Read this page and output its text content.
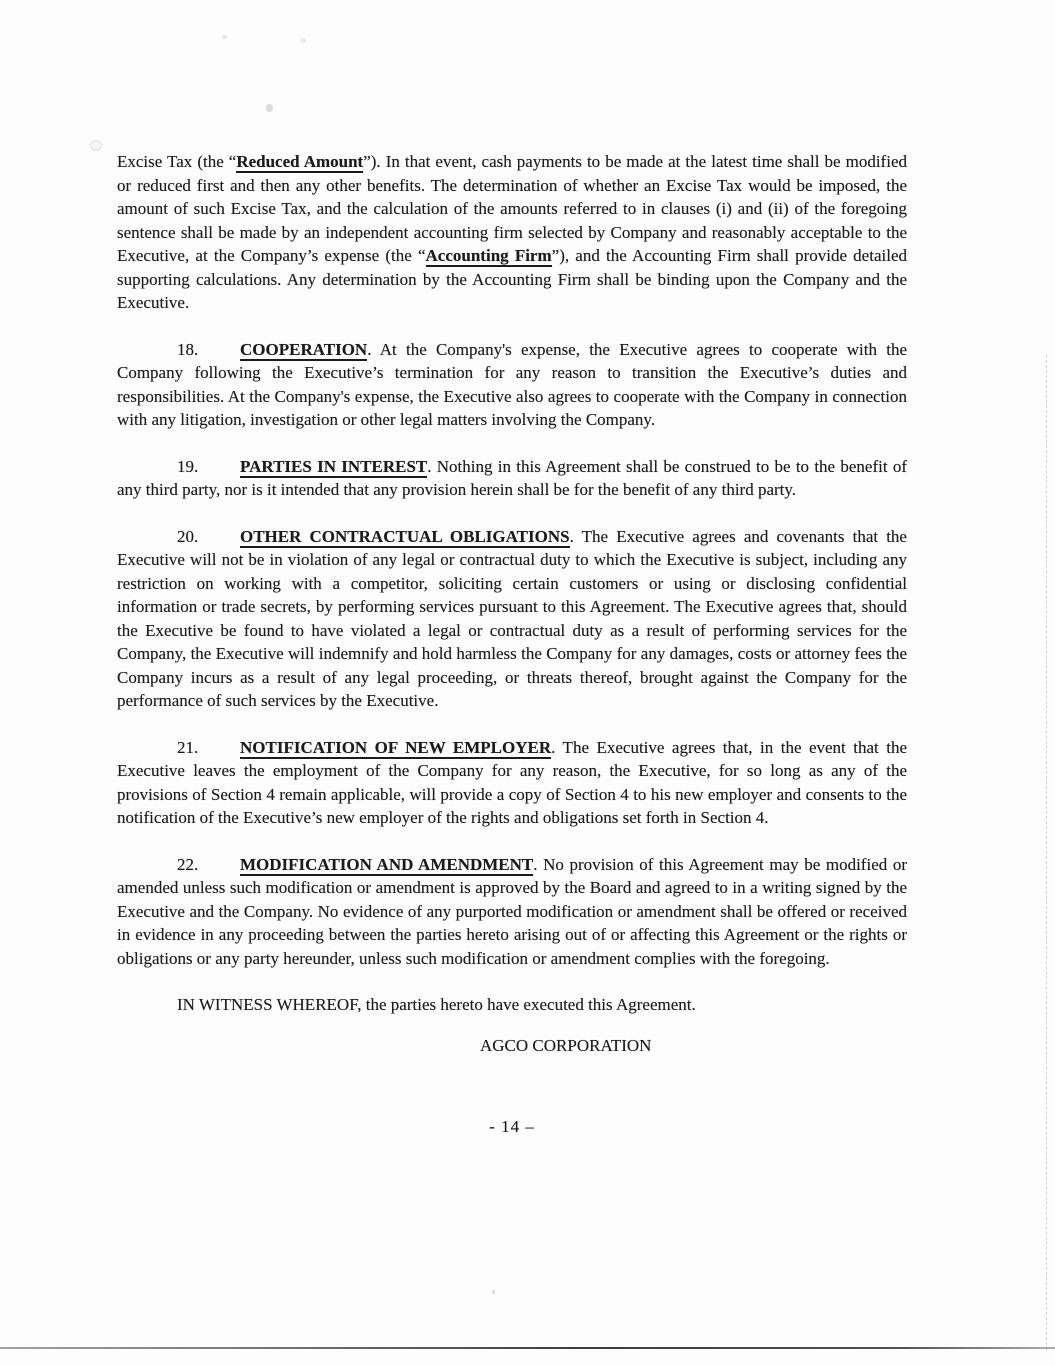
Excise Tax (the “Reduced Amount”). In that event, cash payments to be made at the latest time shall be modified or reduced first and then any other benefits. The determination of whether an Excise Tax would be imposed, the amount of such Excise Tax, and the calculation of the amounts referred to in clauses (i) and (ii) of the foregoing sentence shall be made by an independent accounting firm selected by Company and reasonably acceptable to the Executive, at the Company’s expense (the “Accounting Firm”), and the Accounting Firm shall provide detailed supporting calculations. Any determination by the Accounting Firm shall be binding upon the Company and the Executive.

18. COOPERATION. At the Company's expense, the Executive agrees to cooperate with the Company following the Executive’s termination for any reason to transition the Executive’s duties and responsibilities. At the Company's expense, the Executive also agrees to cooperate with the Company in connection with any litigation, investigation or other legal matters involving the Company.

19. PARTIES IN INTEREST. Nothing in this Agreement shall be construed to be to the benefit of any third party, nor is it intended that any provision herein shall be for the benefit of any third party.

20. OTHER CONTRACTUAL OBLIGATIONS. The Executive agrees and covenants that the Executive will not be in violation of any legal or contractual duty to which the Executive is subject, including any restriction on working with a competitor, soliciting certain customers or using or disclosing confidential information or trade secrets, by performing services pursuant to this Agreement. The Executive agrees that, should the Executive be found to have violated a legal or contractual duty as a result of performing services for the Company, the Executive will indemnify and hold harmless the Company for any damages, costs or attorney fees the Company incurs as a result of any legal proceeding, or threats thereof, brought against the Company for the performance of such services by the Executive.

21. NOTIFICATION OF NEW EMPLOYER. The Executive agrees that, in the event that the Executive leaves the employment of the Company for any reason, the Executive, for so long as any of the provisions of Section 4 remain applicable, will provide a copy of Section 4 to his new employer and consents to the notification of the Executive’s new employer of the rights and obligations set forth in Section 4.

22. MODIFICATION AND AMENDMENT. No provision of this Agreement may be modified or amended unless such modification or amendment is approved by the Board and agreed to in a writing signed by the Executive and the Company. No evidence of any purported modification or amendment shall be offered or received in evidence in any proceeding between the parties hereto arising out of or affecting this Agreement or the rights or obligations or any party hereunder, unless such modification or amendment complies with the foregoing.

IN WITNESS WHEREOF, the parties hereto have executed this Agreement.

AGCO CORPORATION

- 14 –
